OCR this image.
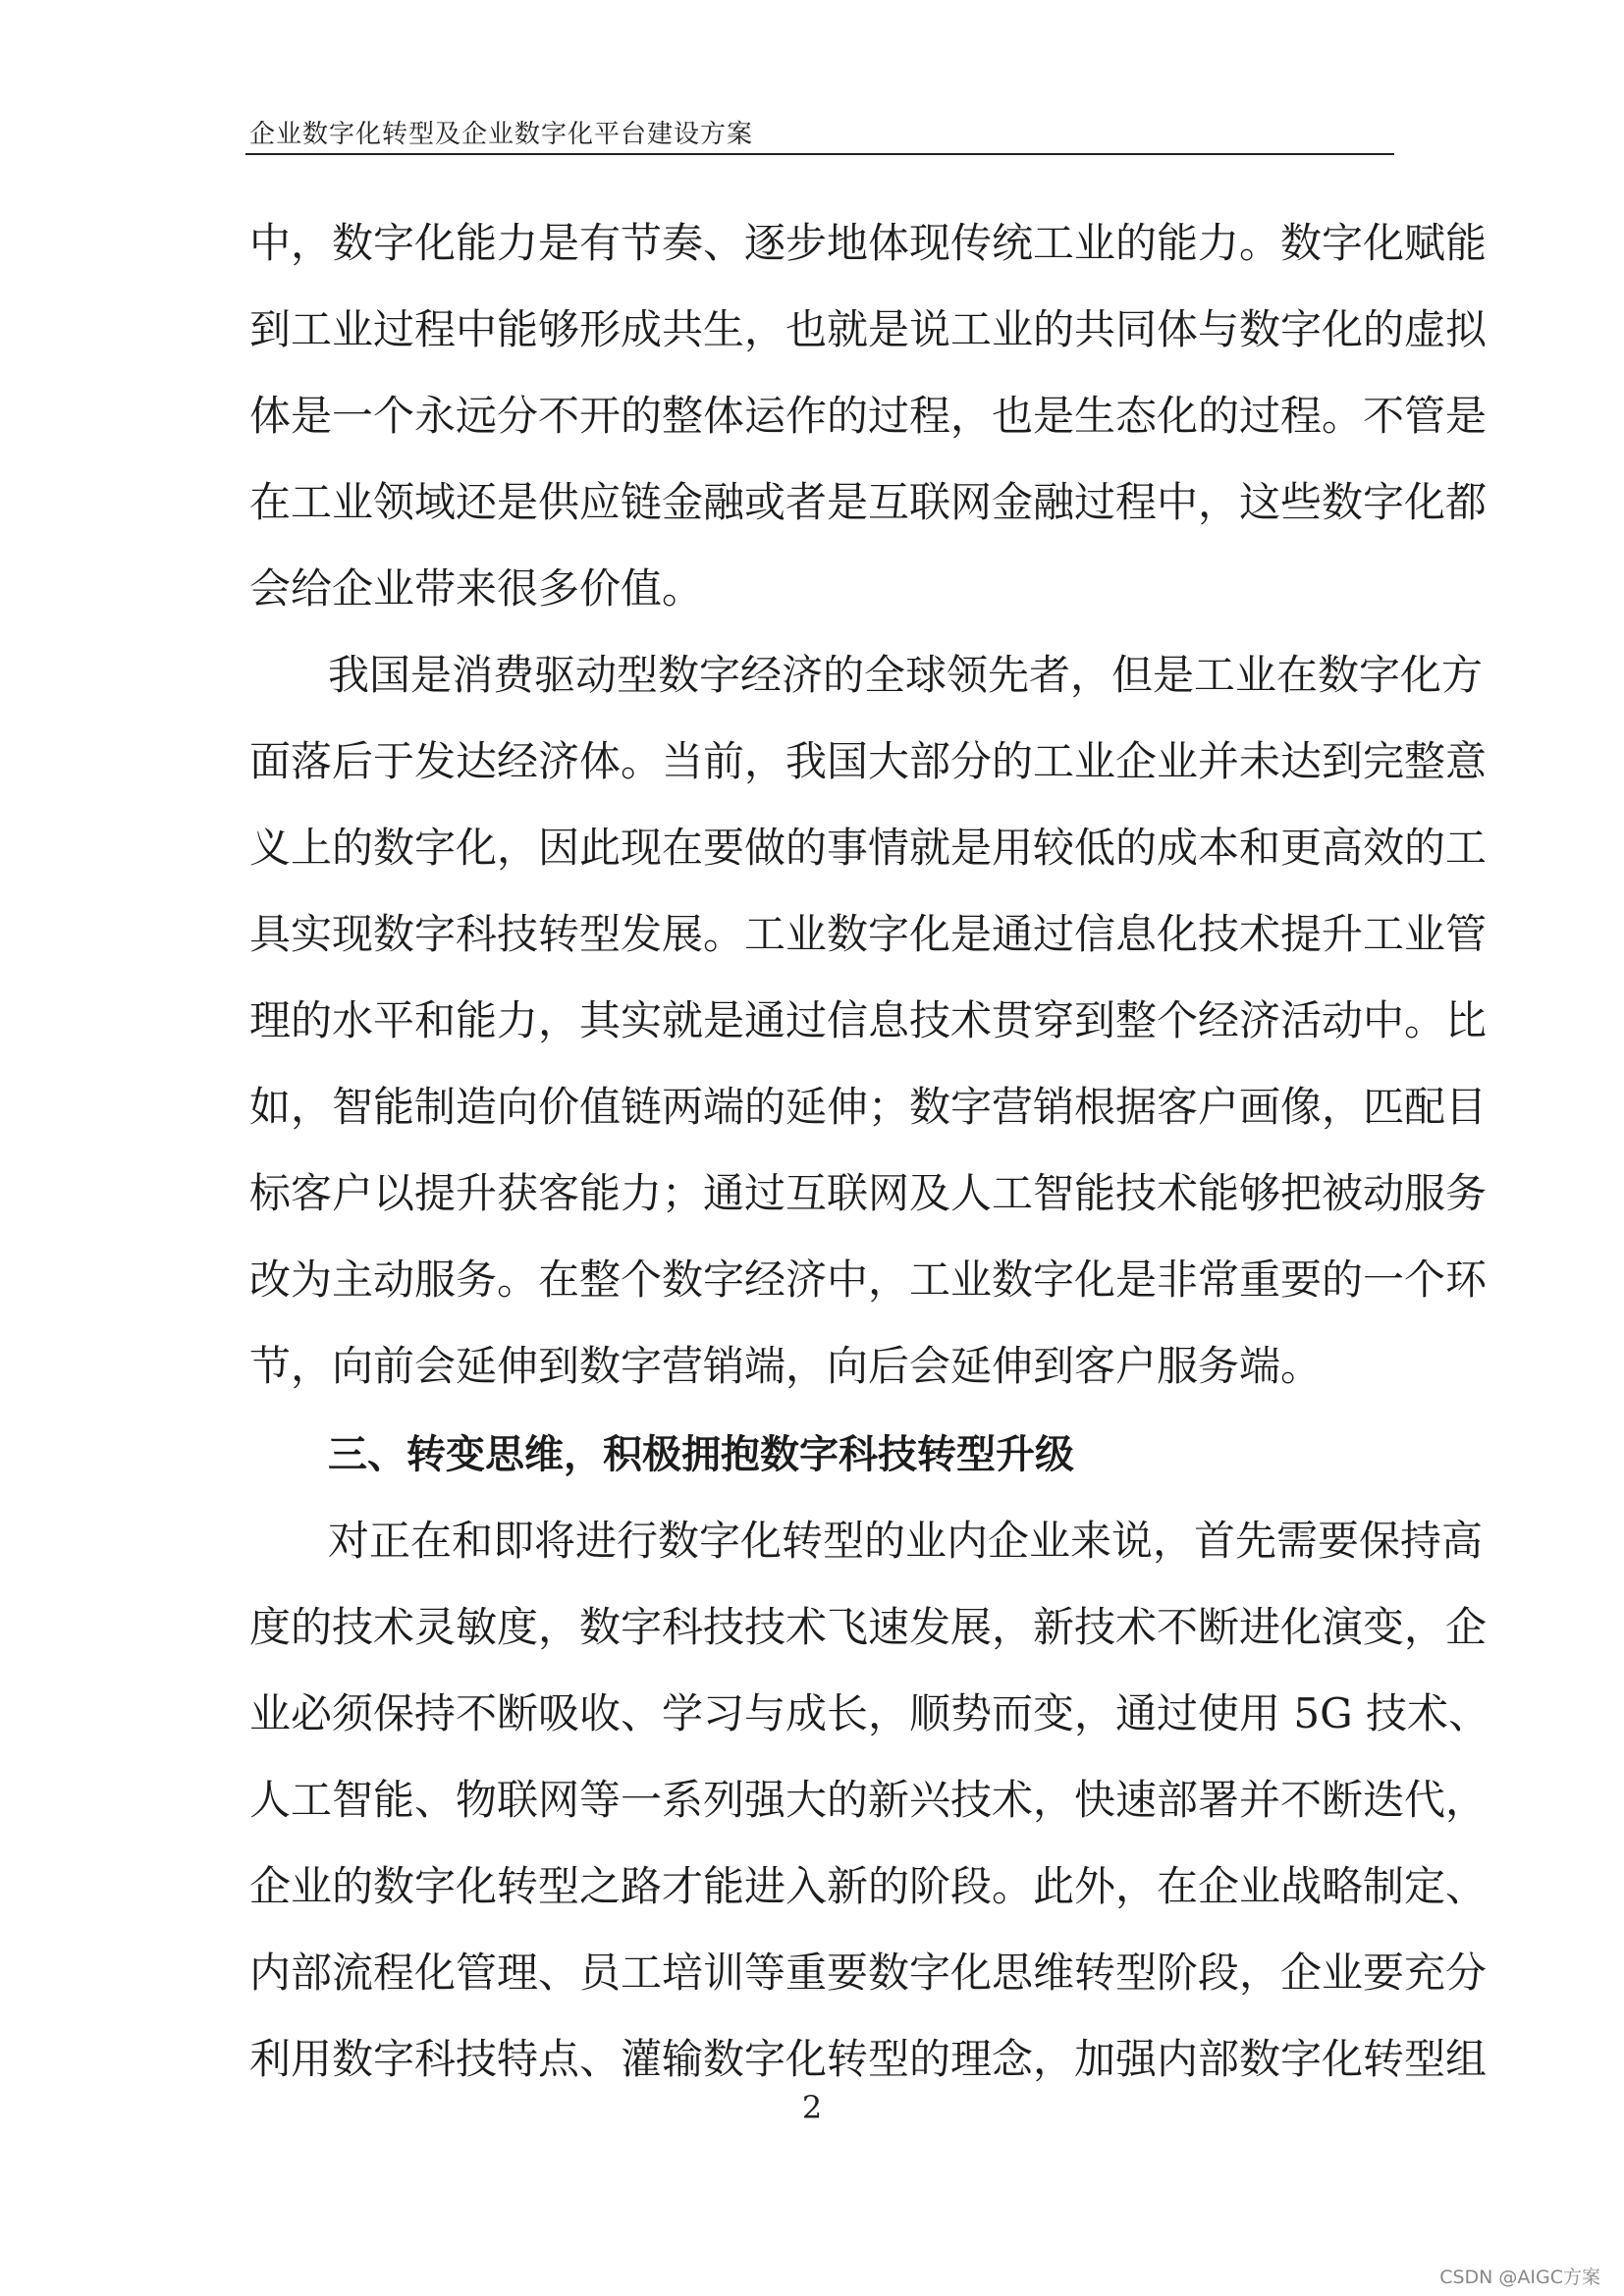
企业数字化转型及企业数字化平台建设方案
中，数字化能力是有节奏、逐步地体现传统工业的能力。数字化赋能
到工业过程中能够形成共生，也就是说工业的共同体与数字化的虚拟
体是一个永远分不开的整体运作的过程，也是生态化的过程。不管是
在工业领域还是供应链金融或者是互联网金融过程中，这些数字化都
会给企业带来很多价值。
我国是消费驱动型数字经济的全球领先者，但是工业在数字化方
面落后于发达经济体。当前，我国大部分的工业企业并未达到完整意
义上的数字化，因此现在要做的事情就是用较低的成本和更高效的工
具实现数字科技转型发展。工业数字化是通过信息化技术提升工业管
理的水平和能力，其实就是通过信息技术贯穿到整个经济活动中。比
如，智能制造向价值链两端的延伸；数字营销根据客户画像，匹配目
标客户以提升获客能力；通过互联网及人工智能技术能够把被动服务
改为主动服务。在整个数字经济中，工业数字化是非常重要的一个环
节，向前会延伸到数字营销端，向后会延伸到客户服务端。
三、转变思维，积极拥抱数字科技转型升级
对正在和即将进行数字化转型的业内企业来说，首先需要保持高
度的技术灵敏度，数字科技技术飞速发展，新技术不断进化演变，企
业必须保持不断吸收、学习与成长，顺势而变，通过使用 5G 技术、
人工智能、物联网等一系列强大的新兴技术，快速部署并不断迭代，
企业的数字化转型之路才能进入新的阶段。此外，在企业战略制定、
内部流程化管理、员工培训等重要数字化思维转型阶段，企业要充分
利用数字科技特点、灌输数字化转型的理念，加强内部数字化转型组
2
CSDN @AIGC方案
